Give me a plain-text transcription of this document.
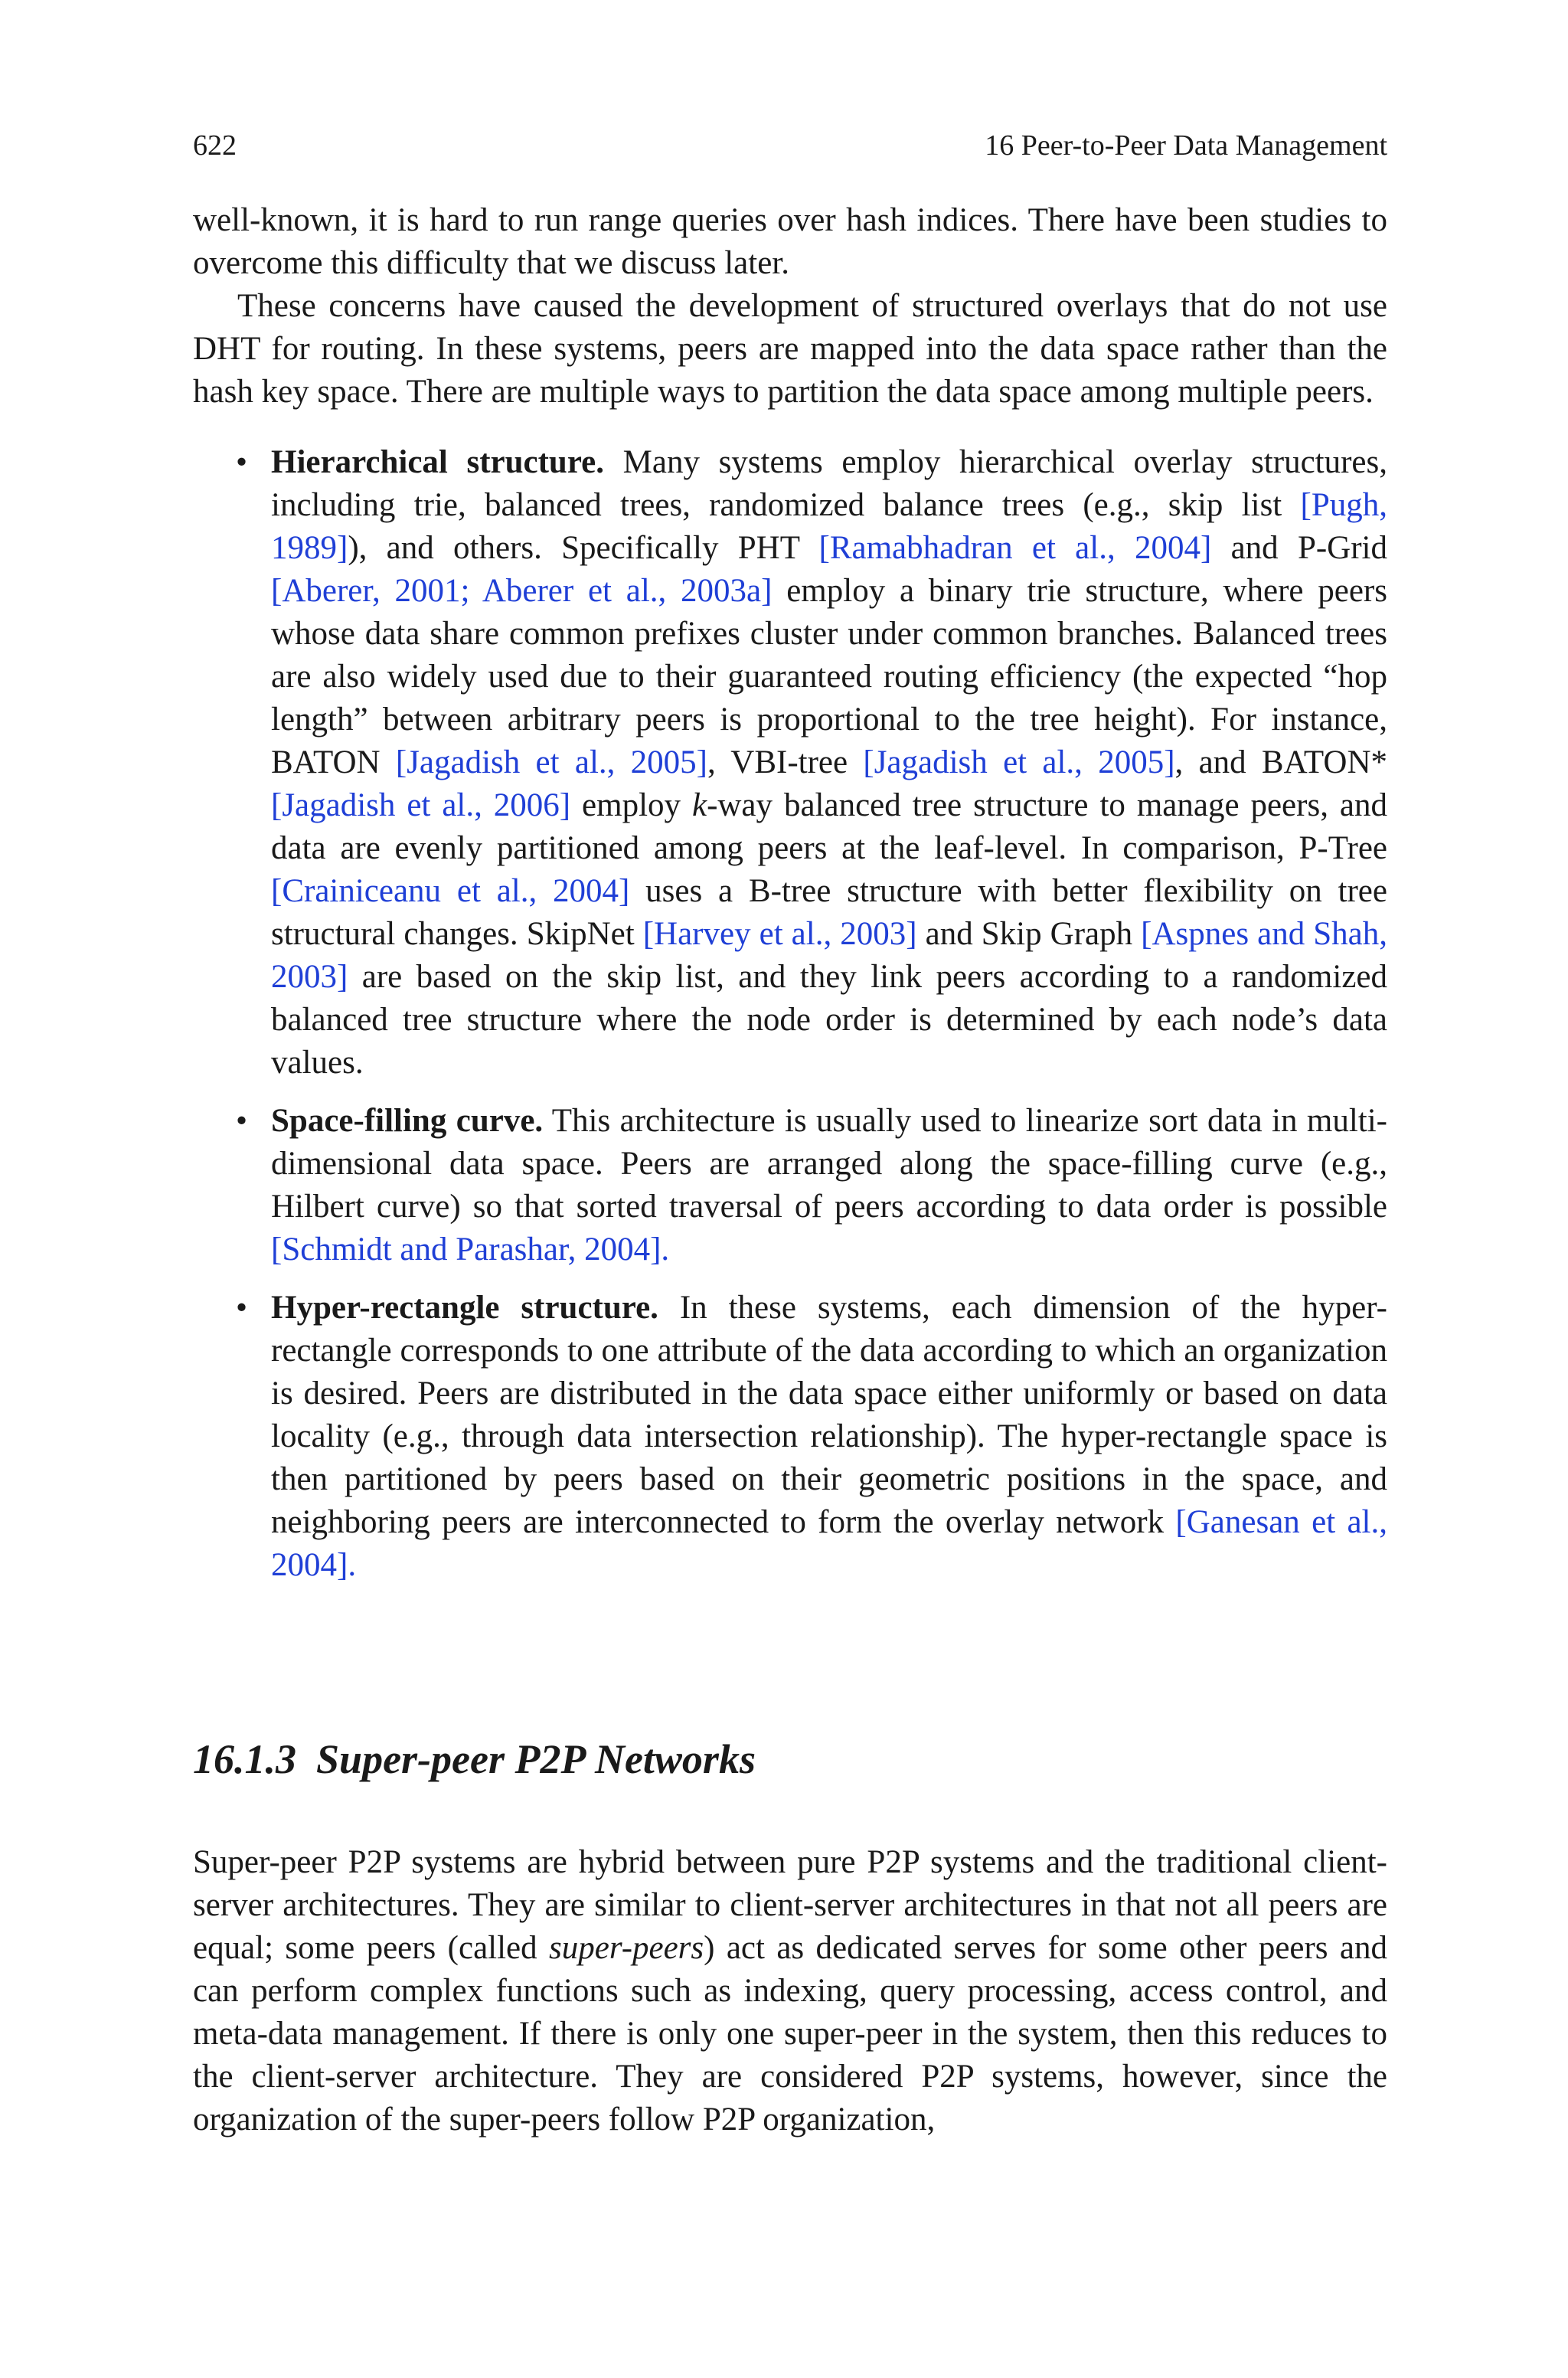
622	16 Peer-to-Peer Data Management

well-known, it is hard to run range queries over hash indices. There have been studies to overcome this difficulty that we discuss later.

These concerns have caused the development of structured overlays that do not use DHT for routing. In these systems, peers are mapped into the data space rather than the hash key space. There are multiple ways to partition the data space among multiple peers.

• Hierarchical structure. Many systems employ hierarchical overlay structures, including trie, balanced trees, randomized balance trees (e.g., skip list [Pugh, 1989]), and others. Specifically PHT [Ramabhadran et al., 2004] and P-Grid [Aberer, 2001; Aberer et al., 2003a] employ a binary trie structure, where peers whose data share common prefixes cluster under common branches. Balanced trees are also widely used due to their guaranteed routing efficiency (the expected “hop length” between arbitrary peers is proportional to the tree height). For instance, BATON [Jagadish et al., 2005], VBI-tree [Jagadish et al., 2005], and BATON* [Jagadish et al., 2006] employ k-way balanced tree structure to manage peers, and data are evenly partitioned among peers at the leaf-level. In comparison, P-Tree [Crainiceanu et al., 2004] uses a B-tree structure with better flexibility on tree structural changes. SkipNet [Harvey et al., 2003] and Skip Graph [Aspnes and Shah, 2003] are based on the skip list, and they link peers according to a randomized balanced tree structure where the node order is determined by each node’s data values.
• Space-filling curve. This architecture is usually used to linearize sort data in multi-dimensional data space. Peers are arranged along the space-filling curve (e.g., Hilbert curve) so that sorted traversal of peers according to data order is possible [Schmidt and Parashar, 2004].
• Hyper-rectangle structure. In these systems, each dimension of the hyper-rectangle corresponds to one attribute of the data according to which an organization is desired. Peers are distributed in the data space either uniformly or based on data locality (e.g., through data intersection relationship). The hyper-rectangle space is then partitioned by peers based on their geometric positions in the space, and neighboring peers are interconnected to form the overlay network [Ganesan et al., 2004].
16.1.3 Super-peer P2P Networks

Super-peer P2P systems are hybrid between pure P2P systems and the traditional client-server architectures. They are similar to client-server architectures in that not all peers are equal; some peers (called super-peers) act as dedicated serves for some other peers and can perform complex functions such as indexing, query processing, access control, and meta-data management. If there is only one super-peer in the system, then this reduces to the client-server architecture. They are considered P2P systems, however, since the organization of the super-peers follow P2P organization,
